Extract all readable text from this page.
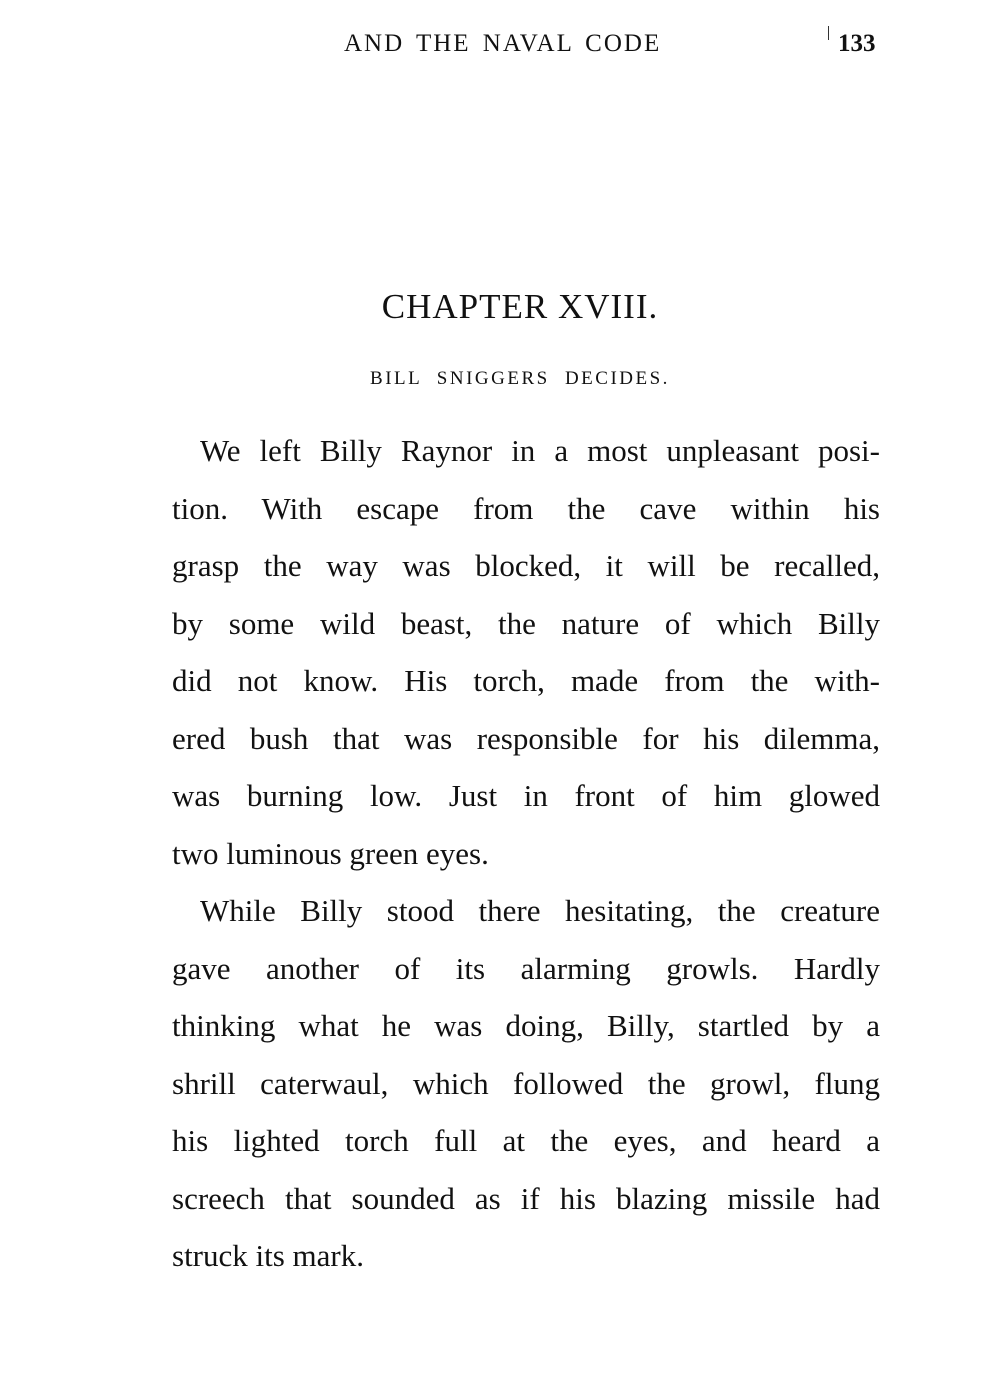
AND THE NAVAL CODE	133
CHAPTER XVIII.
BILL SNIGGERS DECIDES.
We left Billy Raynor in a most unpleasant posi-
tion. With escape from the cave within his
grasp the way was blocked, it will be recalled,
by some wild beast, the nature of which Billy
did not know. His torch, made from the with-
ered bush that was responsible for his dilemma,
was burning low. Just in front of him glowed
two luminous green eyes.
While Billy stood there hesitating, the creature
gave another of its alarming growls. Hardly
thinking what he was doing, Billy, startled by a
shrill caterwaul, which followed the growl, flung
his lighted torch full at the eyes, and heard a
screech that sounded as if his blazing missile had
struck its mark.
